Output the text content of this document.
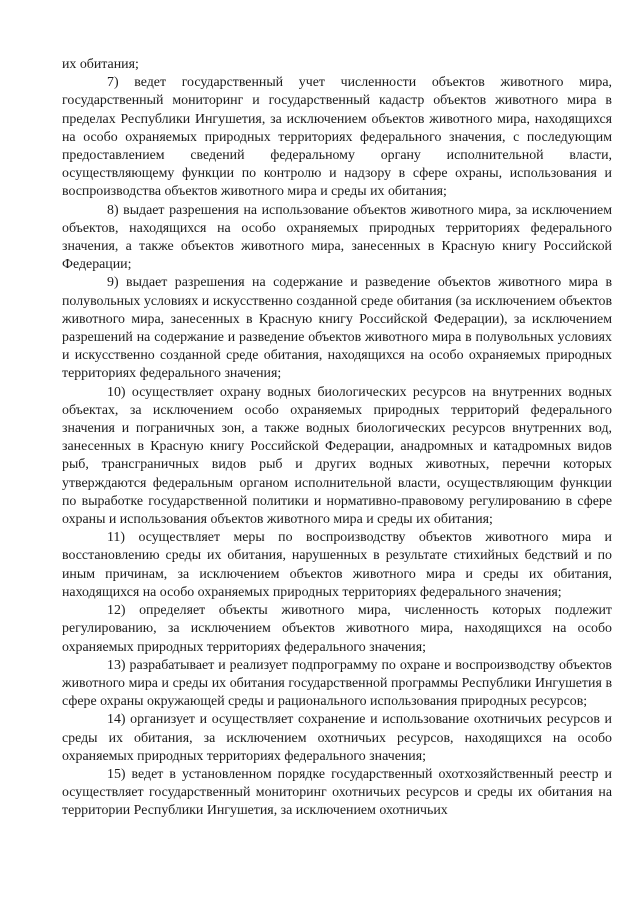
их обитания;

7) ведет государственный учет численности объектов животного мира, государственный мониторинг и государственный кадастр объектов животного мира в пределах Республики Ингушетия, за исключением объектов животного мира, находящихся на особо охраняемых природных территориях федерального значения, с последующим предоставлением сведений федеральному органу исполнительной власти, осуществляющему функции по контролю и надзору в сфере охраны, использования и воспроизводства объектов животного мира и среды их обитания;

8) выдает разрешения на использование объектов животного мира, за исключением объектов, находящихся на особо охраняемых природных территориях федерального значения, а также объектов животного мира, занесенных в Красную книгу Российской Федерации;

9) выдает разрешения на содержание и разведение объектов животного мира в полувольных условиях и искусственно созданной среде обитания (за исключением объектов животного мира, занесенных в Красную книгу Российской Федерации), за исключением разрешений на содержание и разведение объектов животного мира в полувольных условиях и искусственно созданной среде обитания, находящихся на особо охраняемых природных территориях федерального значения;

10) осуществляет охрану водных биологических ресурсов на внутренних водных объектах, за исключением особо охраняемых природных территорий федерального значения и пограничных зон, а также водных биологических ресурсов внутренних вод, занесенных в Красную книгу Российской Федерации, анадромных и катадромных видов рыб, трансграничных видов рыб и других водных животных, перечни которых утверждаются федеральным органом исполнительной власти, осуществляющим функции по выработке государственной политики и нормативно-правовому регулированию в сфере охраны и использования объектов животного мира и среды их обитания;

11) осуществляет меры по воспроизводству объектов животного мира и восстановлению среды их обитания, нарушенных в результате стихийных бедствий и по иным причинам, за исключением объектов животного мира и среды их обитания, находящихся на особо охраняемых природных территориях федерального значения;

12) определяет объекты животного мира, численность которых подлежит регулированию, за исключением объектов животного мира, находящихся на особо охраняемых природных территориях федерального значения;

13) разрабатывает и реализует подпрограмму по охране и воспроизводству объектов животного мира и среды их обитания государственной программы Республики Ингушетия в сфере охраны окружающей среды и рационального использования природных ресурсов;

14) организует и осуществляет сохранение и использование охотничьих ресурсов и среды их обитания, за исключением охотничьих ресурсов, находящихся на особо охраняемых природных территориях федерального значения;

15) ведет в установленном порядке государственный охотхозяйственный реестр и осуществляет государственный мониторинг охотничьих ресурсов и среды их обитания на территории Республики Ингушетия, за исключением охотничьих
